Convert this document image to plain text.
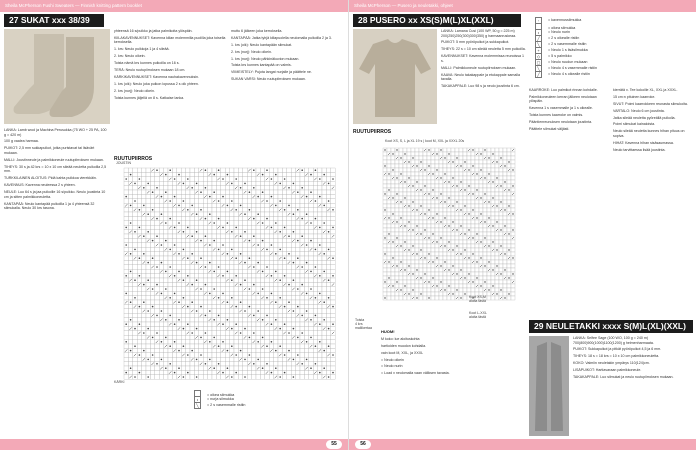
Sheila McPherson Fushi Sweaters — Finnish knitting pattern booklet
27 SUKAT xxx 38/39

LANKA: Lamb wool ja Machina Perusukka (75 WO + 25 PA, 100 g = 420 m)

100 g vaalea harmaa.

PUIKOT: 2,5 mm sukkapuikot, jotka puristavat tai lisävärt mukaan.

MALLI: Joustinneule ja palmikkoneule ruutupiirroksen mukaan.

TIHEYS: 30 s ja 42 krs = 10 x 10 cm sileää neuletta puikoilla 2,5 mm.

TURKKILAINEN ALOITUS: Pidä kahta puikkoa vierekkäin.

KAVENNUS: Kavenna neuleessa 2 s yhteen.

NEULE: Luo 64 s ja jaa puikoille 16 s/puikko. Neulo joustinta 10 cm ja sitten palmikkoneuletta.

KANTAPÄÄ: Neulo kantapää puikoilla 1 ja 4 yhteensä 32 silmukalla. Neulo 30 krs tasona.

yhteensä 16 s/puikko ja jatka palmikoita ylöspäin.

KIILAKAVENNUKSET: Kavenna kiilan molemmilla puolilla joka toisella kerroksella.

1. krs: Neulo puikkoja 1 ja 4 sileää.

2. krs: Neulo oikein.

Toista nämä krs kunnes puikoilla on 16 s.

TERÄ: Neulo ruutupiirroksen mukaan 18 cm.

KÄRKIKAVENNUKSET: Kavenna nauhakavennuksin.

1. krs (oik): Neulo joka puikon lopussa 2 s oik yhteen.

2. krs (nurj): Neulo oikein.

Toista kunnes jäljellä on 8 s. Katkaise lanka.

muttu 6 jälkeen joka kerroksella.

KANTAPÄÄ: Jatka tyhjä kiilapuolella neulomalla puikoilla 2 ja 3.

1. krs (oik): Neulo kantapään silmukat.

2. krs (nurj): Neulo oikein.

1. krs (nurj): Neulo pähkinäkuvion mukaan.

Toista krs kunnes kantapää on valmis.

VIIMEISTELY: Pujota langat nurjalle ja päättele ne.

SUKAN VARSI: Neulo ruutupiirroksen mukaan.

RUUTUPIIRROS
JOUSTIN
KÄRKI
= oikea silmukka
• = nurja silmukka
╲ = 2 s vasemmalle ristiin
55
Sheila McPherson — Pusero ja neuletakki, ohjeet
28 PUSERO xx XS(S)M(L)XL(XXL)

LANKA: Lamana Cusi (100 WP, 50 g = 225 m) 200(250)250(300)300(350) g harmaanruskeaa.

PUIKOT: 5 mm pyöröpuikot ja sukkapuikot.

TIHEYS: 22 s = 10 cm sileää neuletta 5 mm puikoilla.

KAVENNUKSET: Kavenna molemmissa reunoissa 1 s.

MALLI: Palmikkoneule ruutupiirroksen mukaan.

KAAVA: Neulo takakappale ja etukappale samalla tavalla.

TAKAKAPPALE: Luo 98 s ja neulo joustinta 6 cm.

◦ = kavennussilmukka
= oikea silmukka
• = Neulo nurin
╱ = 2 s oikealle ristiin
╲ = 2 s vasemmalle ristiin
+ = Neulo 1 s lisäsilmukka
◇ = 5 s palmikko
▢ = Neulo ruudun mukaan
╲ = Neulo 4 s vasemmalle ristiin
╱ = Neulo 4 s oikealle ristiin
RUUTUPIIRROS
Koot XS, S, L ja XL 19 s | koot M, XXL ja XXXL 20s
Toista
4 krs
mallikertaa
Koot XS-M
aloita tästä
Koot L-XXL
aloita tästä

HUOM!

M koko: lue aloituskohta

hartioiden muodon kohdalla.

vain koot M, XXL, ja XXXL

= Neulo oikein

= Neulo nurin

= Load x neulomalla vaan väliksen tavasta.

KAARROKE: Luo palmikot rinnan kohdalle.

Palmikkoneuleen kerran jälkeen neulotaan ylöspäin.

Kavenna 1 s vasemmalle ja 1 s oikealle.

Toista kunnes kaarroke on valmis.

Pääntienreunuksen neulotaan joustinta.

Päättele silmukat väljästi.

kierrätä x. Tee kokoille XL, XXL ja XXXL.

15 cm:n pituinen kaarroke.

SIVUT: Poimi kaarrokkeen reunasta silmukoita.

VARTALO: Neulo 6 cm joustinta.

Jatka sileää neuletta pyöreällä puikolla.

Poimi silmukat kainaloista.

Neulo sileää neuletta kunnes hihan pituus on sopiva.

HIHAT: Kavenna hihan sisäsaumassa.

Neulo tarvittaessa lisää joustinta.

29 NEULETAKKI xxxx S(M)L(XL)(XXL)

LANKA: Selfee Sage (100 WO, 100 g = 240 m) 700(800)900(1000)1100(1200) g helmenharmaata.

PUIKOT: Sukkapuikot ja pitkät pyöröpuikot 4,5 ja 6 mm.

TIHEYS: 18 s = 18 krs = 10 x 10 cm palmikkoneuletta.

KOKO: Valmiin neuletakin ympärys 110(124)cm.

LISÄPUIKOT: Hartiavaraan palmikkoneule.

TAKAKAPPALE: Luo silmukat ja neulo ruutupiirroksen mukaan.

56
